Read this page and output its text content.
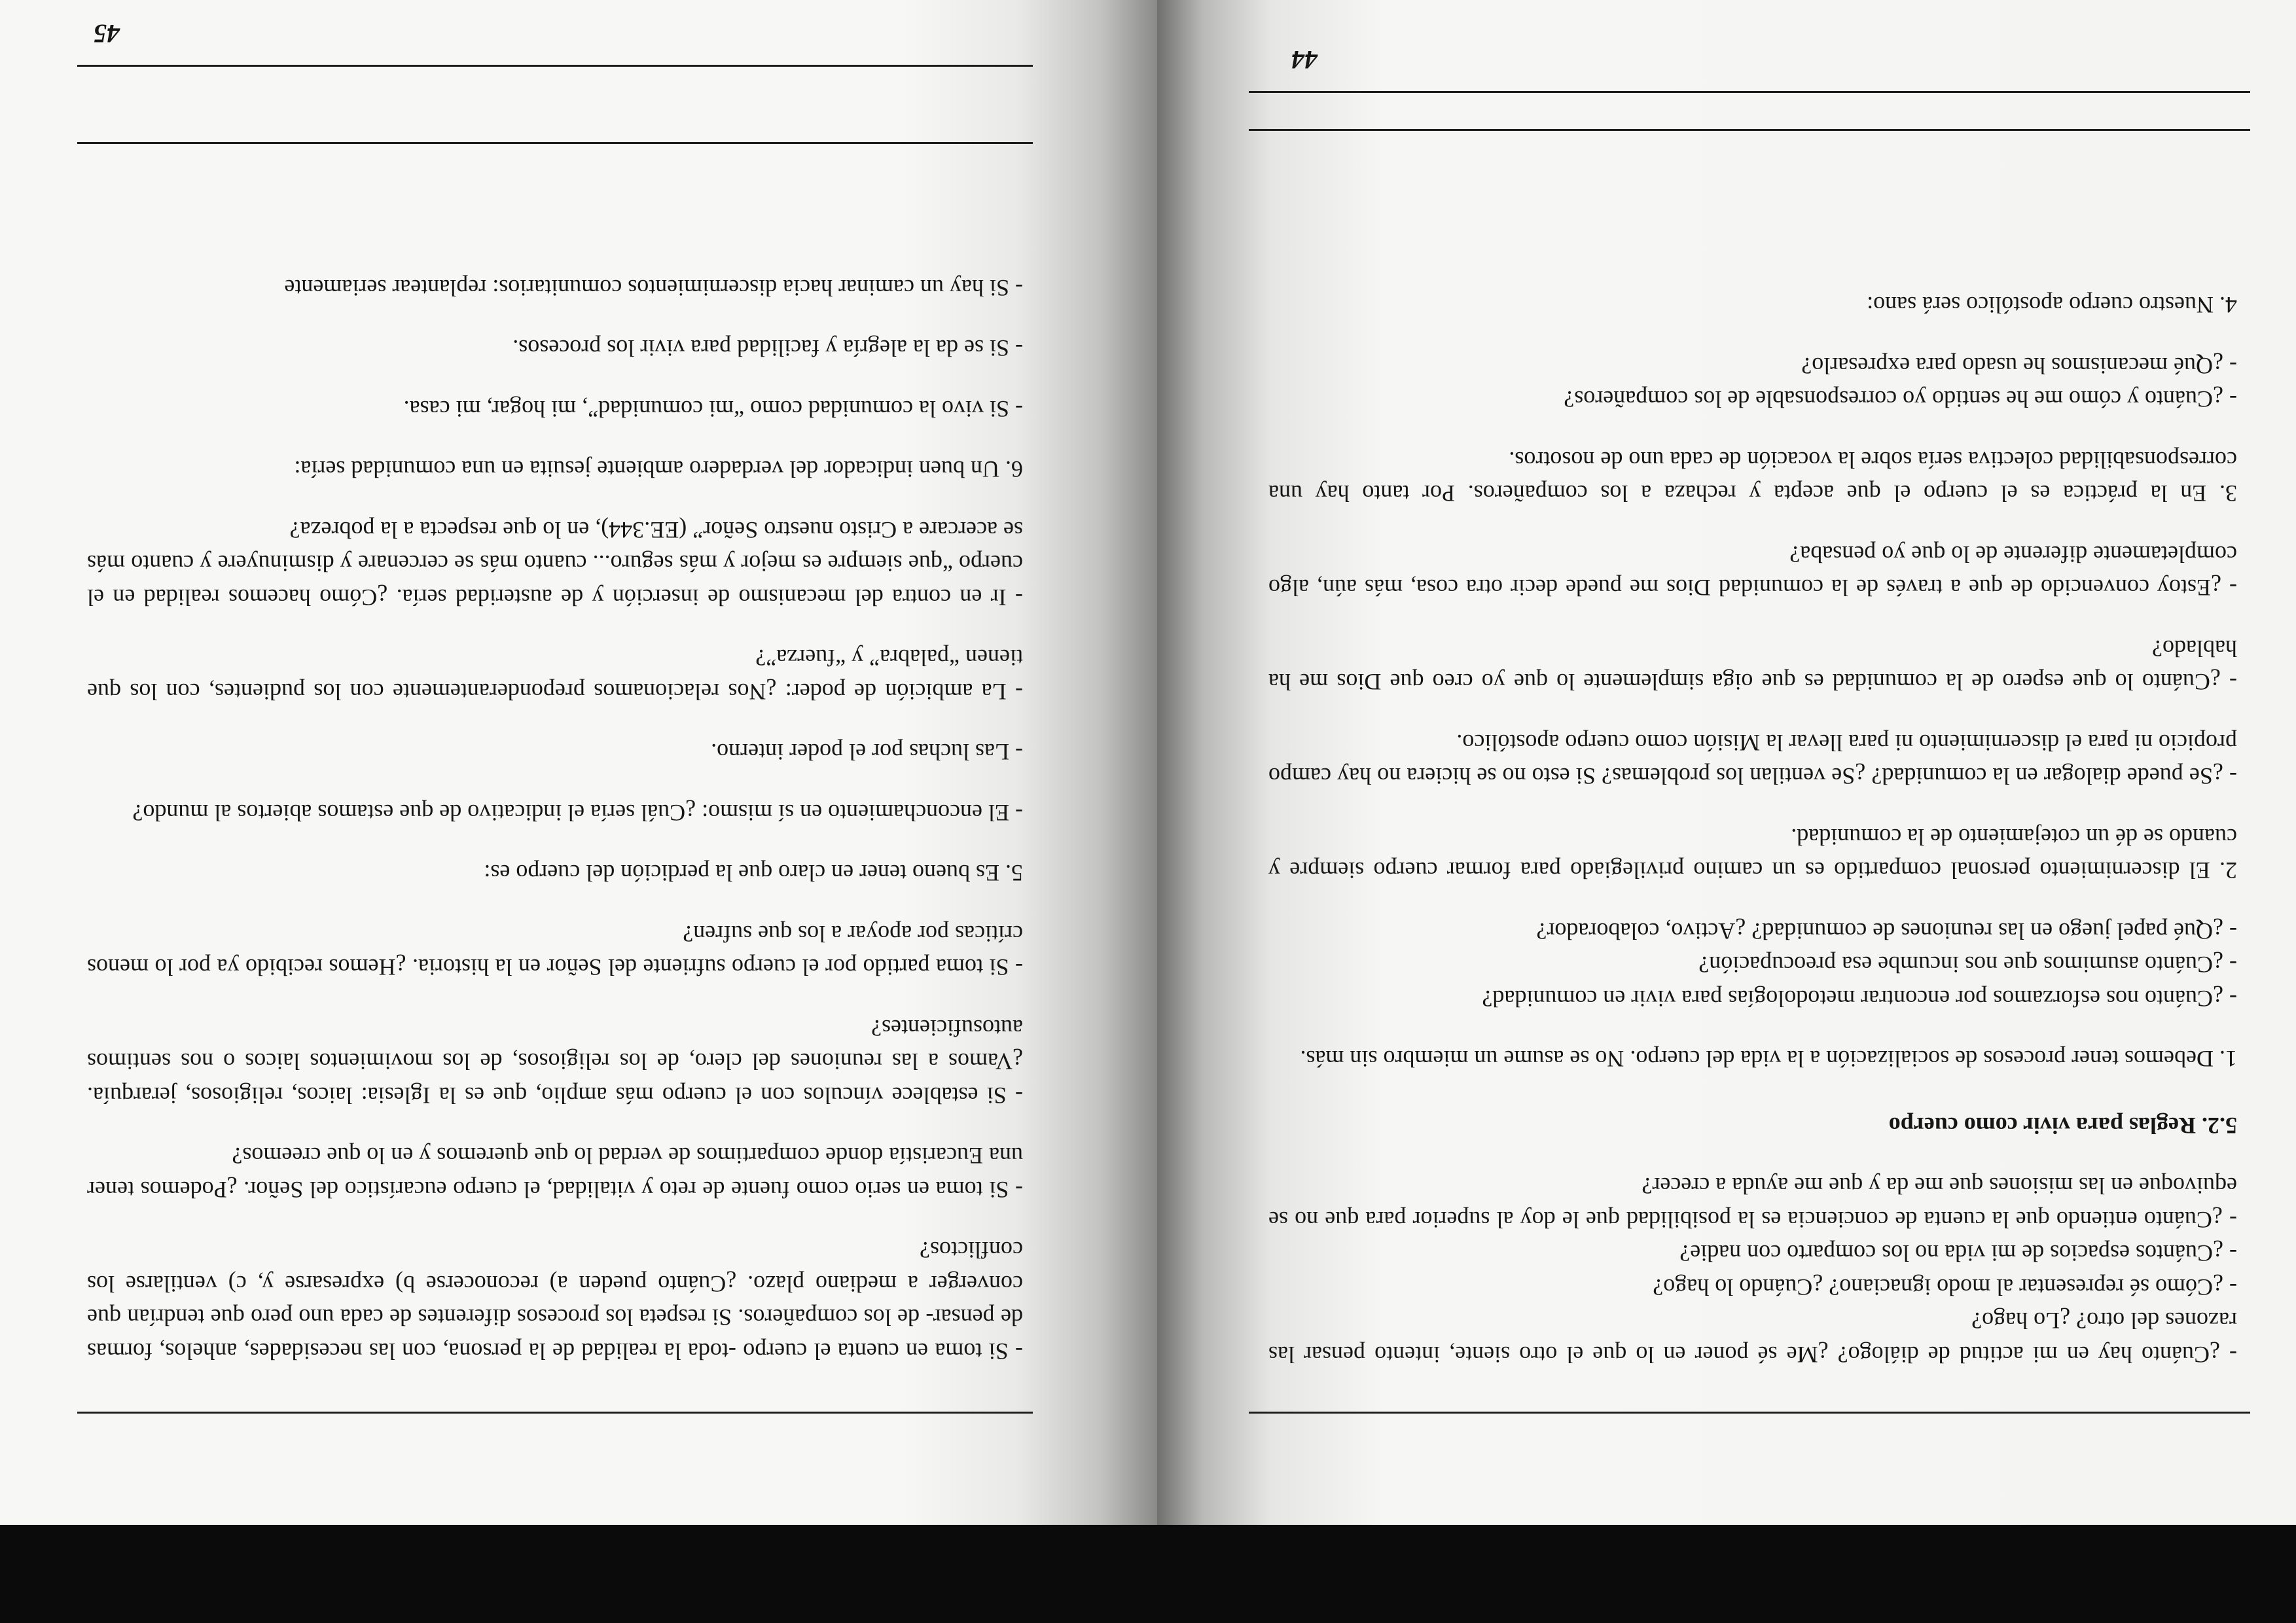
- ¿Cuánto hay en mi actitud de diálogo? ¿Me sé poner en lo que el otro siente, intento pensar las razones del otro? ¿Lo hago?

- ¿Cómo sé representar al modo ignaciano? ¿Cuándo lo hago?

- ¿Cuántos espacios de mi vida no los comparto con nadie?

- ¿Cuánto entiendo que la cuenta de conciencia es la posibilidad que le doy al superior para que no se equivoque en las misiones que me da y que me ayuda a crecer?

5.2. Reglas para vivir como cuerpo

1. Debemos tener procesos de socialización a la vida del cuerpo. No se asume un miembro sin más.

- ¿Cuánto nos esforzamos por encontrar metodologías para vivir en comunidad?

- ¿Cuánto asumimos que nos incumbe esa preocupación?

- ¿Qué papel juego en las reuniones de comunidad? ¿Activo, colaborador?

2. El discernimiento personal compartido es un camino privilegiado para formar cuerpo siempre y cuando se dé un cotejamiento de la comunidad.

- ¿Se puede dialogar en la comunidad? ¿Se ventilan los problemas? Si esto no se hiciera no hay campo propicio ni para el discernimiento ni para llevar la Misión como cuerpo apostólico.

- ¿Cuánto lo que espero de la comunidad es que oiga simplemente lo que yo creo que Dios me ha hablado?

- ¿Estoy convencido de que a través de la comunidad Dios me puede decir otra cosa, más aún, algo completamente diferente de lo que yo pensaba?

3. En la práctica es el cuerpo el que acepta y rechaza a los compañeros. Por tanto hay una corresponsabilidad colectiva sería sobre la vocación de cada uno de nosotros.

- ¿Cuánto y cómo me he sentido yo corresponsable de los compañeros?

- ¿Qué mecanismos he usado para expresarlo?

4. Nuestro cuerpo apostólico será sano:

44

- Si toma en cuenta el cuerpo -toda la realidad de la persona, con las necesidades, anhelos, formas de pensar- de los compañeros. Si respeta los procesos diferentes de cada uno pero que tendrían que converger a mediano plazo. ¿Cuánto pueden a) reconocerse b) expresarse y, c) ventilarse los conflictos?

- Si toma en serio como fuente de reto y vitalidad, el cuerpo eucarístico del Señor. ¿Podemos tener una Eucaristía donde compartimos de verdad lo que queremos y en lo que creemos?

- Si establece vínculos con el cuerpo más amplio, que es la Iglesia: laicos, religiosos, jerarquía. ¿Vamos a las reuniones del clero, de los religiosos, de los movimientos laicos o nos sentimos autosuficientes?

- Si toma partido por el cuerpo sufriente del Señor en la historia. ¿Hemos recibido ya por lo menos críticas por apoyar a los que sufren?

5. Es bueno tener en claro que la perdición del cuerpo es:

- El enconchamiento en sí mismo: ¿Cuál sería el indicativo de que estamos abiertos al mundo?

- Las luchas por el poder interno.

- La ambición de poder: ¿Nos relacionamos preponderantemente con los pudientes, con los que tienen “palabra” y “fuerza”?

- Ir en contra del mecanismo de inserción y de austeridad sería. ¿Cómo hacemos realidad en el cuerpo “que siempre es mejor y más seguro... cuanto más se cercenare y disminuyere y cuanto más se acercare a Cristo nuestro Señor” (EE.344), en lo que respecta a la pobreza?

6. Un buen indicador del verdadero ambiente jesuita en una comunidad sería:

- Si vivo la comunidad como “mi comunidad”, mi hogar, mi casa.

- Si se da la alegría y facilidad para vivir los procesos.

- Si hay un caminar hacia discernimientos comunitarios: replantear seriamente

45
